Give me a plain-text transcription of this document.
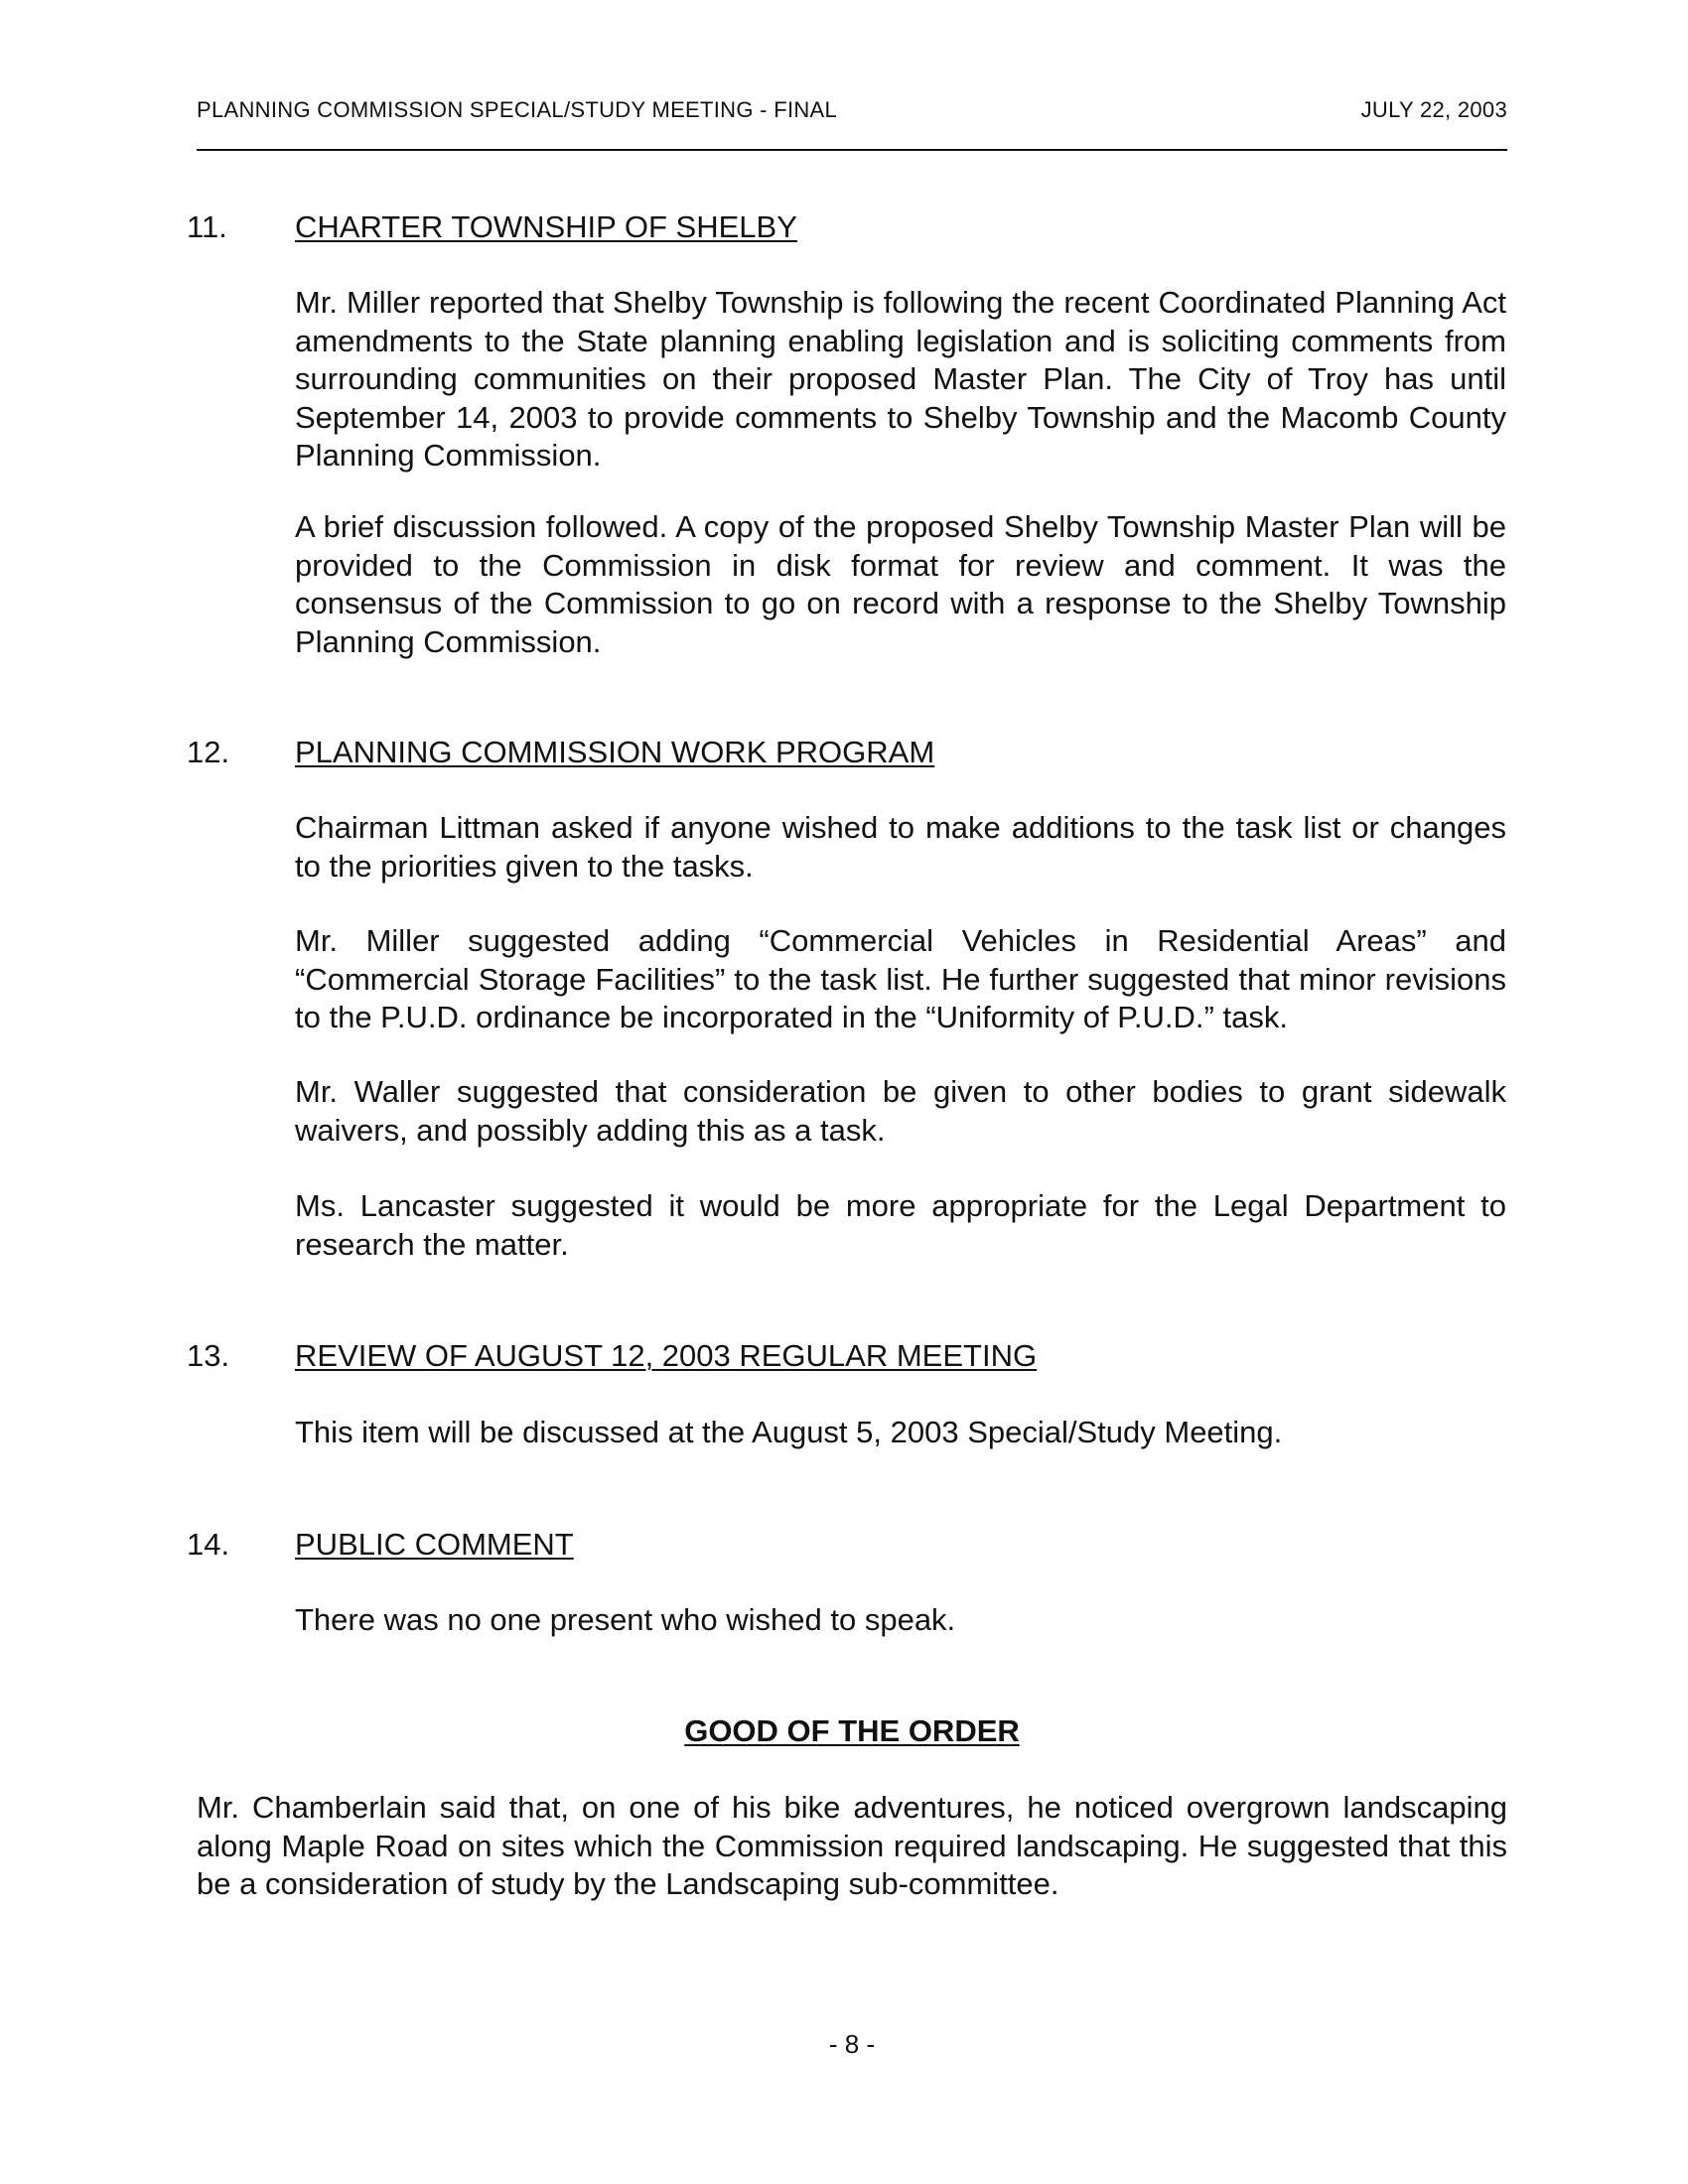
PLANNING COMMISSION SPECIAL/STUDY MEETING - FINAL	JULY 22, 2003
11. CHARTER TOWNSHIP OF SHELBY
Mr. Miller reported that Shelby Township is following the recent Coordinated Planning Act amendments to the State planning enabling legislation and is soliciting comments from surrounding communities on their proposed Master Plan. The City of Troy has until September 14, 2003 to provide comments to Shelby Township and the Macomb County Planning Commission.
A brief discussion followed. A copy of the proposed Shelby Township Master Plan will be provided to the Commission in disk format for review and comment. It was the consensus of the Commission to go on record with a response to the Shelby Township Planning Commission.
12. PLANNING COMMISSION WORK PROGRAM
Chairman Littman asked if anyone wished to make additions to the task list or changes to the priorities given to the tasks.
Mr. Miller suggested adding “Commercial Vehicles in Residential Areas” and “Commercial Storage Facilities” to the task list. He further suggested that minor revisions to the P.U.D. ordinance be incorporated in the “Uniformity of P.U.D.” task.
Mr. Waller suggested that consideration be given to other bodies to grant sidewalk waivers, and possibly adding this as a task.
Ms. Lancaster suggested it would be more appropriate for the Legal Department to research the matter.
13. REVIEW OF AUGUST 12, 2003 REGULAR MEETING
This item will be discussed at the August 5, 2003 Special/Study Meeting.
14. PUBLIC COMMENT
There was no one present who wished to speak.
GOOD OF THE ORDER
Mr. Chamberlain said that, on one of his bike adventures, he noticed overgrown landscaping along Maple Road on sites which the Commission required landscaping. He suggested that this be a consideration of study by the Landscaping sub-committee.
- 8 -
